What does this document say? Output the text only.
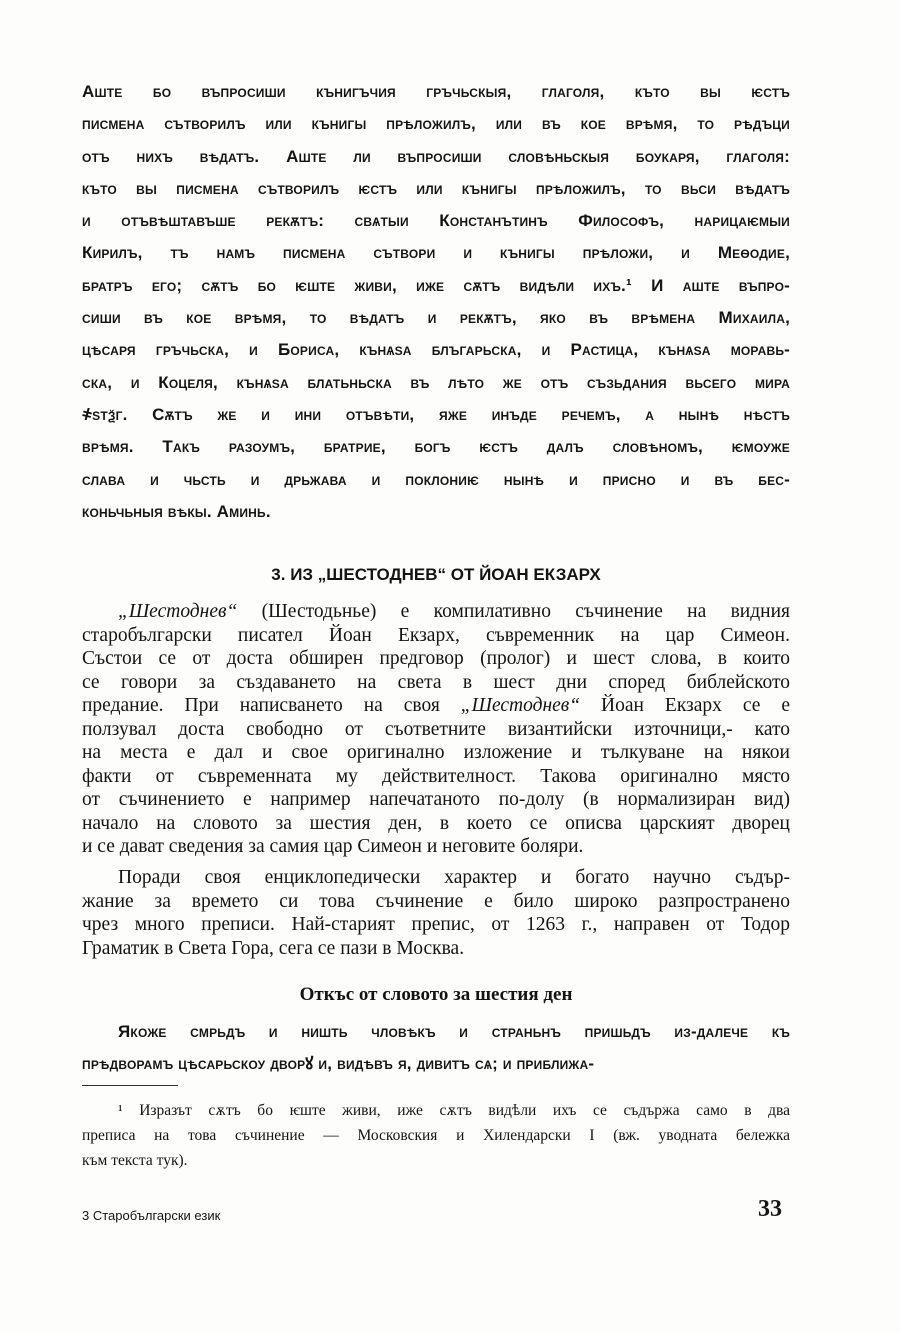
Аште бо въпросиши кънигъчия гръчьскыя, глаголя, къто вы ѥстъ
писмена сътворилъ или кънигы прѣложилъ, или въ кое врѣмя, то рѣдъци
отъ нихъ вѣдатъ. Аште ли въпросиши словѣньскыя боукаря, глаголя:
къто вы писмена сътворилъ ѥстъ или кънигы прѣложилъ, то вьси вѣдатъ
и отъвѣштавъше рекѫтъ: свѧтыи Констанътинъ Философъ, нарицаѥмыи
Кирилъ, тъ намъ писмена сътвори и кънигы прѣложи, и Меѳодие,
братръ его; сѫтъ бо ѥште живи, иже сѫтъ видѣли ихъ.¹ И аште въпро-
сиши въ кое врѣмя, то вѣдатъ и рекѫтъ, яко въ врѣмена Михаила,
цѣсаря гръчьска, и Бориса, кънѧѕа блъгарьска, и Растица, кънѧѕа моравь-
ска, и Коцеля, кънѧѕа блатьньска въ лѣто же отъ съзьдания вьсего мира
҂ѕтѯг. Сѫтъ же и ини отъвѣти, яже инъде речемъ, а нынѣ нѣстъ
врѣмя. Такъ разоумъ, братрие, богъ ѥстъ далъ словѣномъ, ѥмоуже
слава и чьсть и дрьжава и поклониѥ нынѣ и присно и въ бес-
коньчьныя вѣкы. Аминь.
3. ИЗ „ШЕСТОДНЕВ“ ОТ ЙОАН ЕКЗАРХ
„Шестоднев“ (Шестодьнье) е компилативно съчинение на видния
старобългарски писател Йоан Екзарх, съвременник на цар Симеон.
Състои се от доста обширен предговор (пролог) и шест слова, в които
се говори за създаването на света в шест дни според библейското
предание. При написването на своя „Шестоднев“ Йоан Екзарх се е
ползувал доста свободно от съответните византийски източници,- като
на места е дал и свое оригинално изложение и тълкуване на някои
факти от съвременната му действителност. Такова оригинално място
от съчинението е например напечатаното по-долу (в нормализиран вид)
начало на словото за шестия ден, в което се описва царският дворец
и се дават сведения за самия цар Симеон и неговите боляри.
Поради своя енциклопедически характер и богато научно съдър-
жание за времето си това съчинение е било широко разпространено
чрез много преписи. Най-старият препис, от 1263 г., направен от Тодор
Граматик в Света Гора, сега се пази в Москва.
Откъс от словото за шестия ден
Якоже смрьдъ и ништь чловѣкъ и страньнъ пришьдъ из-далече къ
прѣдворамъ цѣсарьскоу дворꙋ и, видѣвъ я, дивитъ сѧ; и приближа-
¹ Изразът сѫтъ бо ѥште живи, иже сѫтъ видѣли ихъ се съдържа само в два
преписа на това съчинение — Московския и Хилендарски I (вж. уводната бележка
към текста тук).
3 Старобългарски език	33
